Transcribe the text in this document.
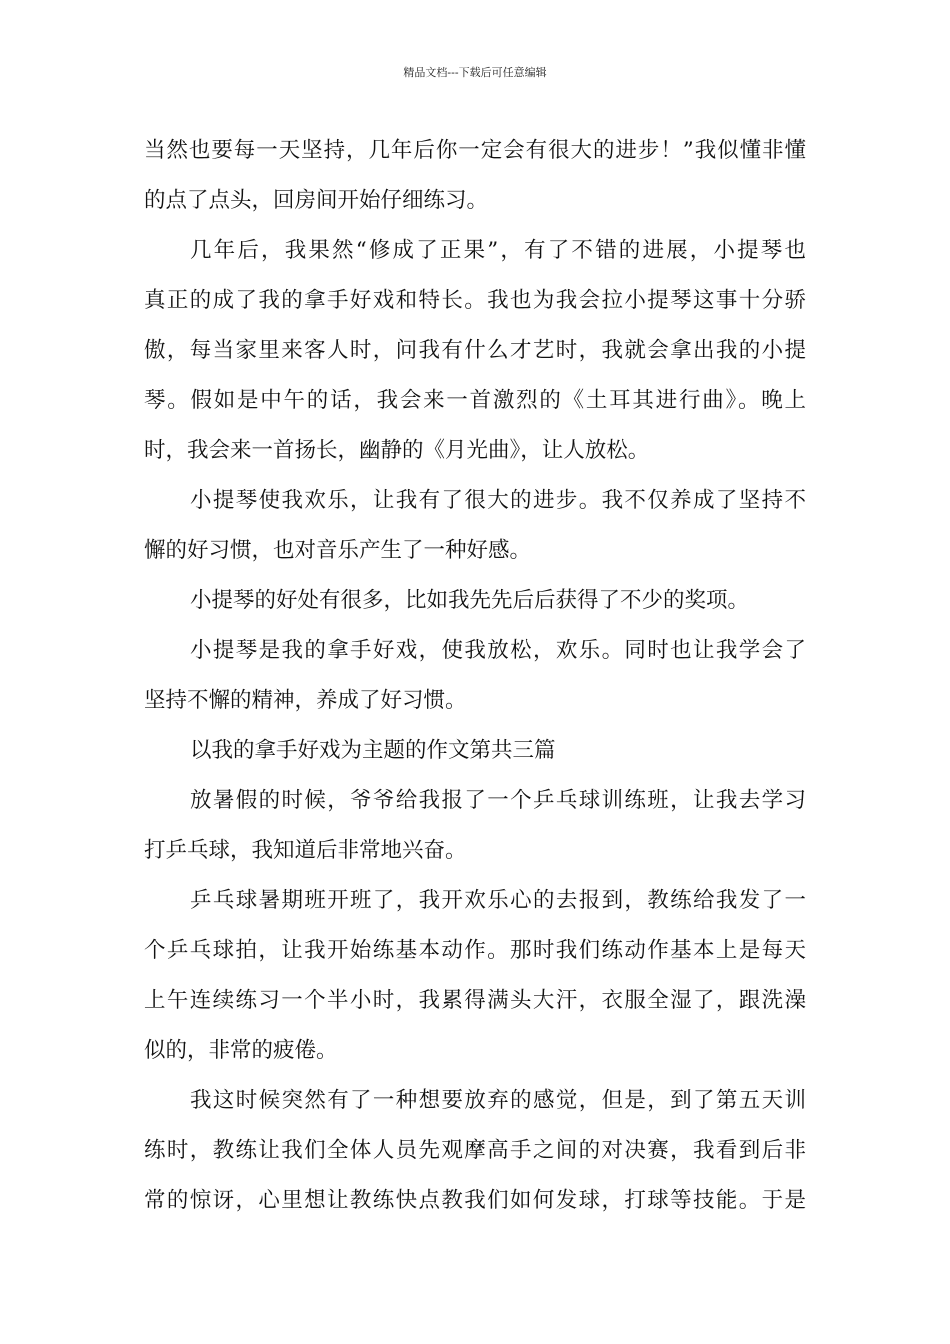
精品文档---下载后可任意编辑
当然也要每一天坚持，几年后你一定会有很大的进步！”我似懂非懂
的点了点头，回房间开始仔细练习。
几年后，我果然“修成了正果”，有了不错的进展，小提琴也
真正的成了我的拿手好戏和特长。我也为我会拉小提琴这事十分骄
傲，每当家里来客人时，问我有什么才艺时，我就会拿出我的小提
琴。假如是中午的话，我会来一首激烈的《土耳其进行曲》。晚上
时，我会来一首扬长，幽静的《月光曲》，让人放松。
小提琴使我欢乐，让我有了很大的进步。我不仅养成了坚持不
懈的好习惯，也对音乐产生了一种好感。
小提琴的好处有很多，比如我先先后后获得了不少的奖项。
小提琴是我的拿手好戏，使我放松，欢乐。同时也让我学会了
坚持不懈的精神，养成了好习惯。
以我的拿手好戏为主题的作文第共三篇
放暑假的时候，爷爷给我报了一个乒乓球训练班，让我去学习
打乒乓球，我知道后非常地兴奋。
乒乓球暑期班开班了，我开欢乐心的去报到，教练给我发了一
个乒乓球拍，让我开始练基本动作。那时我们练动作基本上是每天
上午连续练习一个半小时，我累得满头大汗，衣服全湿了，跟洗澡
似的，非常的疲倦。
我这时候突然有了一种想要放弃的感觉，但是，到了第五天训
练时，教练让我们全体人员先观摩高手之间的对决赛，我看到后非
常的惊讶，心里想让教练快点教我们如何发球，打球等技能。于是
